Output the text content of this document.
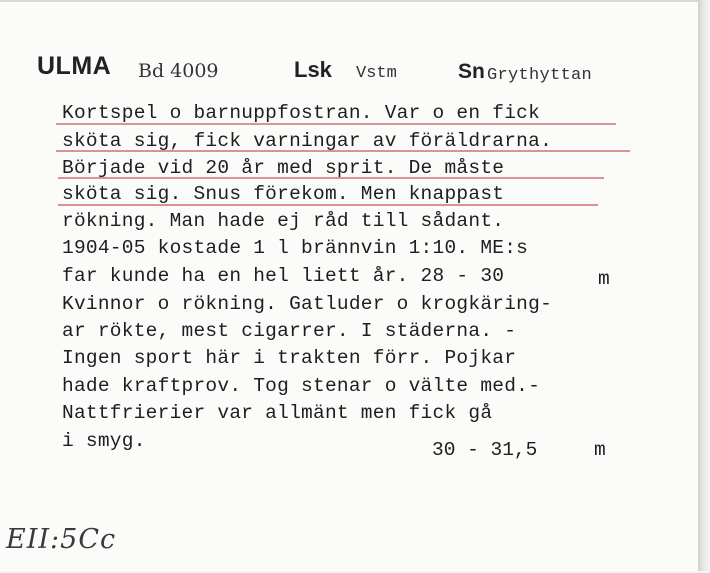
ULMA Bd 4009	Lsk Vstm	Sn Grythyttan
Kortspel o barnuppfostran. Var o en fick
sköta sig, fick varningar av föräldrarna.
Började vid 20 år med sprit. De måste
sköta sig. Snus förekom. Men knappast
rökning. Man hade ej råd till sådant.
1904-05 kostade 1 l brännvin 1:10. ME:s
far kunde ha en hel liett år. 28 - 30
Kvinnor o rökning. Gatluder o krogkäring-
ar rökte, mest cigarrer. I städerna. -
Ingen sport här i trakten förr. Pojkar
hade kraftprov. Tog stenar o välte med.-
Nattfrierier var allmänt men fick gå
i smyg.
m
30 - 31,5	m
EII:5Cc
